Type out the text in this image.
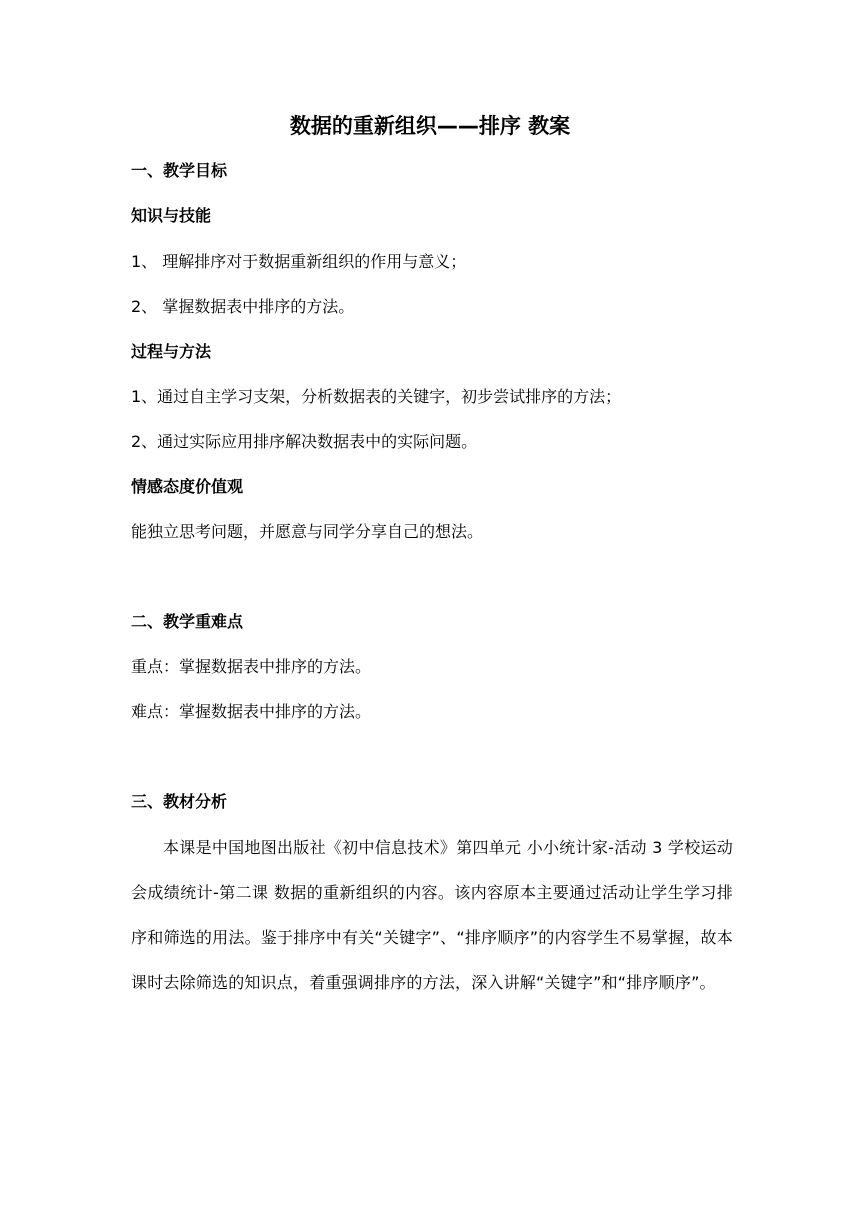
数据的重新组织——排序 教案
一、教学目标
知识与技能
1、 理解排序对于数据重新组织的作用与意义；
2、 掌握数据表中排序的方法。
过程与方法
1、通过自主学习支架，分析数据表的关键字，初步尝试排序的方法；
2、通过实际应用排序解决数据表中的实际问题。
情感态度价值观
能独立思考问题，并愿意与同学分享自己的想法。
二、教学重难点
重点：掌握数据表中排序的方法。
难点：掌握数据表中排序的方法。
三、教材分析
本课是中国地图出版社《初中信息技术》第四单元 小小统计家-活动 3 学校运动会成绩统计-第二课 数据的重新组织的内容。该内容原本主要通过活动让学生学习排序和筛选的用法。鉴于排序中有关“关键字”、“排序顺序”的内容学生不易掌握，故本课时去除筛选的知识点，着重强调排序的方法，深入讲解“关键字”和“排序顺序”。
